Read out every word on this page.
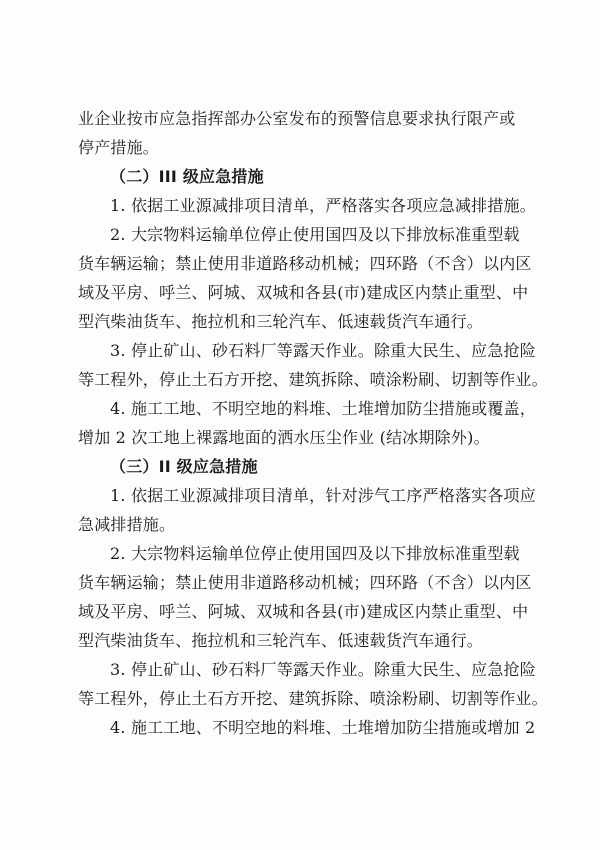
业企业按市应急指挥部办公室发布的预警信息要求执行限产或
停产措施。
（二）III 级应急措施
1. 依据工业源减排项目清单，严格落实各项应急减排措施。
2. 大宗物料运输单位停止使用国四及以下排放标准重型载
货车辆运输；禁止使用非道路移动机械；四环路（不含）以内区
域及平房、呼兰、阿城、双城和各县(市)建成区内禁止重型、中
型汽柴油货车、拖拉机和三轮汽车、低速载货汽车通行。
3. 停止矿山、砂石料厂等露天作业。除重大民生、应急抢险
等工程外，停止土石方开挖、建筑拆除、喷涂粉刷、切割等作业。
4. 施工工地、不明空地的料堆、土堆增加防尘措施或覆盖，
增加 2 次工地上裸露地面的洒水压尘作业 (结冰期除外)。
（三）II 级应急措施
1. 依据工业源减排项目清单，针对涉气工序严格落实各项应
急减排措施。
2. 大宗物料运输单位停止使用国四及以下排放标准重型载
货车辆运输；禁止使用非道路移动机械；四环路（不含）以内区
域及平房、呼兰、阿城、双城和各县(市)建成区内禁止重型、中
型汽柴油货车、拖拉机和三轮汽车、低速载货汽车通行。
3. 停止矿山、砂石料厂等露天作业。除重大民生、应急抢险
等工程外，停止土石方开挖、建筑拆除、喷涂粉刷、切割等作业。
4. 施工工地、不明空地的料堆、土堆增加防尘措施或增加 2
